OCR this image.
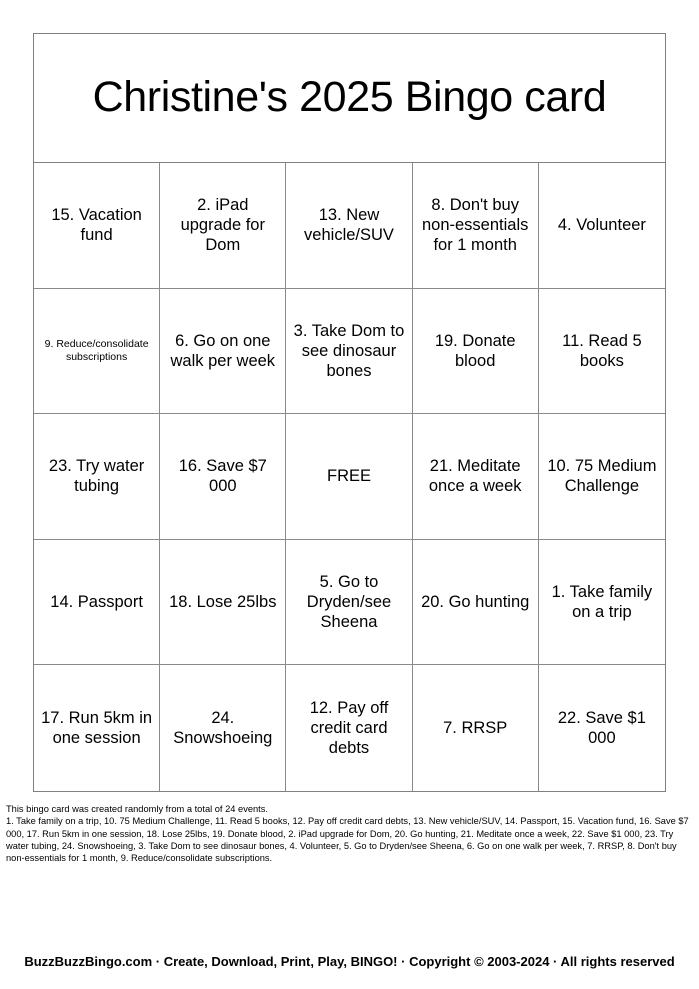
Christine's 2025 Bingo card
15. Vacation fund
2. iPad upgrade for Dom
13. New vehicle/SUV
8. Don't buy non-essentials for 1 month
4. Volunteer
9. Reduce/consolidate subscriptions
6. Go on one walk per week
3. Take Dom to see dinosaur bones
19. Donate blood
11. Read 5 books
23. Try water tubing
16. Save $7 000
FREE
21. Meditate once a week
10. 75 Medium Challenge
14. Passport	18. Lose 25lbs
5. Go to Dryden/see Sheena
20. Go hunting
1. Take family on a trip
17. Run 5km in one session
24. Snowshoeing
12. Pay off credit card debts
7. RRSP
22. Save $1 000

This bingo card was created randomly from a total of 24 events.

1. Take family on a trip, 10. 75 Medium Challenge, 11. Read 5 books, 12. Pay off credit card debts, 13. New vehicle/SUV, 14. Passport, 15. Vacation fund, 16. Save $7 000, 17. Run 5km in one session, 18. Lose 25lbs, 19. Donate blood, 2. iPad upgrade for Dom, 20. Go hunting, 21. Meditate once a week, 22. Save $1 000, 23. Try water tubing, 24. Snowshoeing, 3. Take Dom to see dinosaur bones, 4. Volunteer, 5. Go to Dryden/see Sheena, 6. Go on one walk per week, 7. RRSP, 8. Don't buy non-essentials for 1 month, 9. Reduce/consolidate subscriptions.

BuzzBuzzBingo.com · Create, Download, Print, Play, BINGO! · Copyright © 2003-2024 · All rights reserved
